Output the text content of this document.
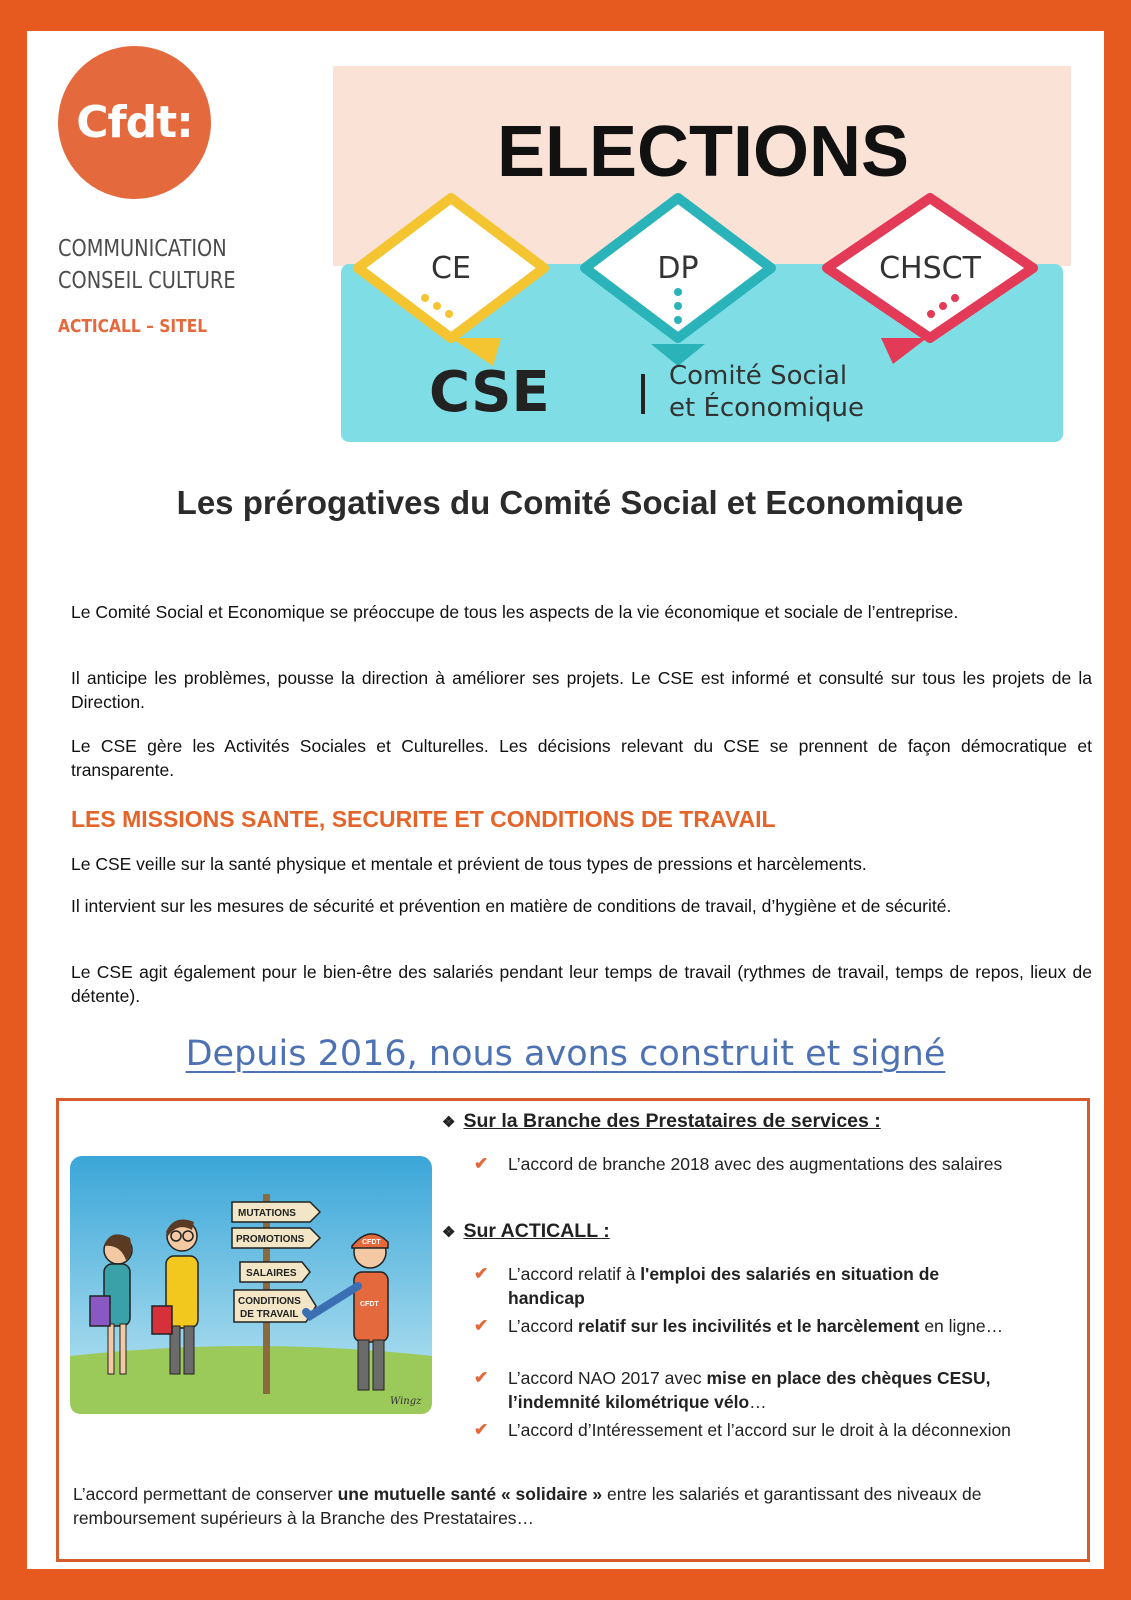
Cfdt:
COMMUNICATION
CONSEIL CULTURE
ACTICALL – SITEL
ELECTIONS
CE	DP	CHSCT
CSE	Comité Social
et Économique
Les prérogatives du Comité Social et Economique
Le Comité Social et Economique se préoccupe de tous les aspects de la vie économique et sociale de l’entreprise.
Il anticipe les problèmes, pousse la direction à améliorer ses projets. Le CSE est informé et consulté sur tous les projets de la Direction.
Le CSE gère les Activités Sociales et Culturelles. Les décisions relevant du CSE se prennent de façon démocratique et transparente.
LES MISSIONS SANTE, SECURITE ET CONDITIONS DE TRAVAIL
Le CSE veille sur la santé physique et mentale et prévient de tous types de pressions et harcèlements.
Il intervient sur les mesures de sécurité et prévention en matière de conditions de travail, d’hygiène et de sécurité.
Le CSE agit également pour le bien-être des salariés pendant leur temps de travail (rythmes de travail, temps de repos, lieux de détente).
Depuis 2016, nous avons construit et signé
MUTATIONS
PROMOTIONS
SALAIRES
CONDITIONS
DE TRAVAIL
CFDT
CFDT
Wingz
❖ Sur la Branche des Prestataires de services :
✔ L’accord de branche 2018 avec des augmentations des salaires
❖ Sur ACTICALL :
✔ L’accord relatif à l'emploi des salariés en situation de handicap
✔ L’accord relatif sur les incivilités et le harcèlement en ligne…
✔ L’accord NAO 2017 avec mise en place des chèques CESU, l’indemnité kilométrique vélo…
✔ L’accord d’Intéressement et l’accord sur le droit à la déconnexion
L’accord permettant de conserver une mutuelle santé « solidaire » entre les salariés et garantissant des niveaux de remboursement supérieurs à la Branche des Prestataires…
